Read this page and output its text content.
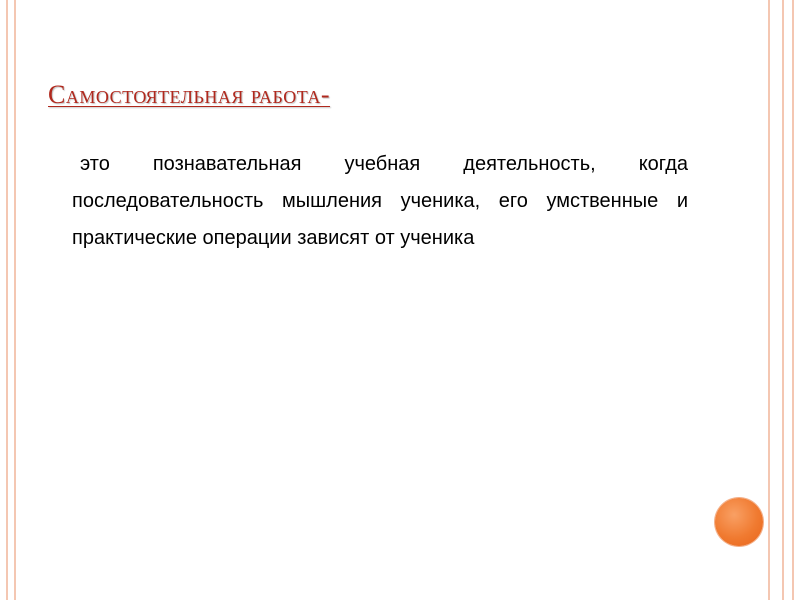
Самостоятельная работа-

это познавательная учебная деятельность, когда последовательность мышления ученика, его умственные и практические операции зависят от ученика
